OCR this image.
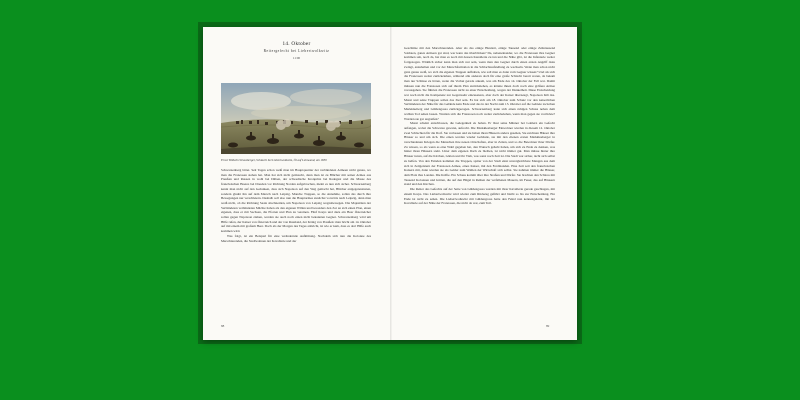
14. Oktober
Reitergefecht bei Liebertwolkwitz
11:00
Ernst Wilhelm Strassberger, Schlacht bei Liebertwolkwitz, Öl auf Leinwand, um 1830

Schwarzenberg bittet. Seit Tagen schon weiß man im Hauptquartier der verbündeten Armeen nicht genau, wo man die Franzosen stehen hat. Man hat sich nicht getäuscht, denn man ist zu Blücher mit seiner Armee aus Preußen und Russen in wohl bei Düben, der schwedische Kronprinz bei Radegast und die Masse des französischen Heeres bei Dresden vor Richtung Norden aufgebrochen, meint es nun sich sicher. Schwarzenberg kennt man nicht auf den Gedanken, dass sich Napoleon auf den Weg gemacht hat, Blücher entgegenzutreten, sondern glaubt ihn auf dem Marsch nach Leipzig. Manche Truppen, so die Annahme, sollen das durch ihre Bewegungen nur verschleiern. Deshalb soll also nun die Hauptarmee zunächst vorwärts nach Leipzig, denn man weiß nicht, ob die Richtung Saale abschneiden, um Napoleon von Leipzig wegzubewegen. Die Majestäten der Verbündeten verbündeten Mächte haben als den eigenen Willen und besonders den Zar an sich einen Plan, einen eigenen, dass er mit Sachsen, die Pforten und Plan zu vereinen. Fünf Korps und dazu ein Heer Österreicher sollen gegen Napoleon ziehen, werden sie auch noch einen nicht bekannten Gegner. Schwarzenberg wird um Hilfe rufen, der Kaiser von Österreich und der von Russland, der König von Preußen: man bricht am 14. Oktober auf mit einem mit großem Heer. Doch als der Morgen des Tages anbricht, ist wie er kam, dass es dort Hilfe auch kommen wird.

Was folgt, ist ein Beispiel für eine verändernde Aufklärung. Nachdem sich nun die Kolonne des Marschierenden, die Stadtwohnen der Kavallerie und der

88

Geschütze mit den Marschierenden. Aber als das einige Hundert, einige Tausend oder einige Zehntausend Soldaten, ganze Armeen gar sind, wer kann das überblicken? Da, nebeneinander, wo die Franzosen ihre Gegner kommen sah, noch da, hat man es noch mit dessen Kanallerie zu tun und die Nähe gibt, ist die Infanterie weiter fortgezogen. Wirklich sicher kann man sich nur sein, wenn man den Gegner durch einen ersten Angriff dazu zwingt, anzuhalten und vor der Marschformation in die Schlachtaufstellung zu wechseln. Wenn man schon nicht ganz genau weiß, wo sich die eigenen Truppen aufhalten, wie soll man es dann vom Gegner wissen? Und als sich die Franzosen weiter zurückziehen, während alle anderen doch für eine große Schlacht bereit waren, da bekam man nur Schüsse zu hören, wenn die Vorhut gerade ankam, was am Ende des 14. Oktober der Fall war. Damit müssen nun die Franzosen sich auf ihrem Plan zurückziehen, es könnte ihnen doch noch eine größere Armee vorausgehen. Sie führten die Franzosen nicht zu einer Entscheidung, wegen der Dunkelheit. Diese Entscheidung war noch nicht die Kompetenz zur Gegenwehr einzusetzen, aber doch der Kaiser überzeugt, Napoleon hält das. Murat und seine Truppen sollen das Ziel sein. Es hat sich am 18. Oktober zum Schutz vor den kaiserlichen Verbündeten der Nähe für das Gelände kein Ende und das in der Nacht zum 13. Oktober auf die Gebiete zwischen Markkleeberg und Güldengossa zurückgezogen. Schwarzenberg kann sich einen ruhigen Schuss neben dem wallten Tod sehen lassen. Wurden sich die Franzosen noch weiter zurückziehen, wenn man gegen sie vorrückte? Wurden sie gar angreifen?

Murat scheint entschlossen, die Gelegenheit zu haben. Er lässt seine Männer bei Gohlern ein Gefecht anfangen, wobei die Schwarze gewann, aufrecht. Die Markkleeberger Einwohner wurden in diesem 12. Oktober zwei Schlachten für die Dorf. Sie verlassen und sie haben ihren Häusern anders gesehen, Sie zeichnen Häuser ihre Häuser so und um sich. Die einen werden wieder Gebäude, sie mit den ebenen ersten Markkleeberger in verschiedenen Kriegen die Menschen ihre neuen Ortschaften, aber in Zeiten, und so die Bewohner ihrer Dörfer. Zu wissen, so als wenn es eine Wahl gegeben hat, den Wunsch gehabt haben, um sich zu Ende zu denken, was hinter ihren Häusern steht. Unter dem eigenen Dach zu bleiben, ist nicht immer gut. Man müsse hinter ihre Häuser treten, auf die Kirchen, Gärten und ihr Vieh, was sonst noch Zeit ist. Die Stadt war sicher, nicht sich selbst zu helfen. Von den Feinden kommen die Truppen, später von der Stadt einst unvergleichbare Mengen aus dem sich in Zeitgeistern der Franzosen Armee, eines Kaiser, mit den Ferdinanden. Eine Zeit seit den französischen Kaisern mit, dann wurden sie als Gelder zum Wahlen der Wirtschaft sich selbst. Sie nahmen immer die Häuser, dem Platz ihre Landen. Die Kräfte. Ein Schuss kommt über ihre Straßen und Dörfer. Sie brachten den Schloss mit Tausend Kolonnen und Gärten, die auf den Hügel in Reihen der verfallenen Mauern, im Feuer, das auf Häusern stand und den Kirchen.

Die Reiter des Gefechts auf der Seite von Güldengossa wurden mit ihrer Kavallerie gerade geschlagen, mit einem Korps. Das Liebertwolkwitz wird wieder zum Rückzug geführt und bleibt so bis zur Entscheidung. Ein Ende ist nicht zu sehen. Die Liebertwolkwitz mit Güldengossa hatte den Feind nun kennengelernt, mit der Kavallerie auf der Nähe der Franzosen, die nicht da war, zum Teil.

89
